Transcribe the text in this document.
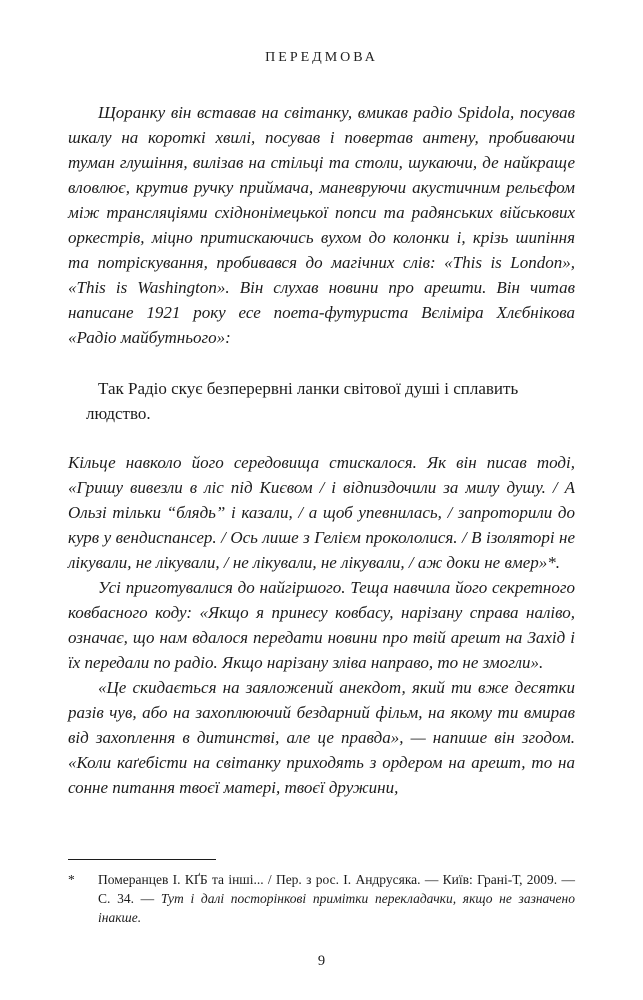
ПЕРЕДМОВА

Щоранку він вставав на світанку, вмикав радіо Spidola, посував шкалу на короткі хвилі, посував і повертав антену, пробиваючи туман глушіння, вилізав на стільці та столи, шукаючи, де найкраще вловлює, крутив ручку приймача, маневруючи акустичним рельєфом між трансляціями східнонімецької попси та радянських військових оркестрів, міцно притискаючись вухом до колонки і, крізь шипіння та потріскування, пробивався до магічних слів: «This is London», «This is Washington». Він слухав новини про арешти. Він читав написане 1921 року есе поета-футуриста Вєліміра Хлєбнікова «Радіо майбутнього»:

Так Радіо скує безперервні ланки світової душі і сплавить людство.

Кільце навколо його середовища стискалося. Як він писав тоді, «Гришу вивезли в ліс під Києвом / і відпиздочили за милу душу. / А Ользі тільки “блядь” і казали, / а щоб упевнилась, / запроторили до курв у вендиспансер. / Ось лише з Гелієм прокололися. / В ізоляторі не лікували, не лікували, / не лікували, не лікували, / аж доки не вмер»*.

Усі приготувалися до найгіршого. Теща навчила його секретного ковбасного коду: «Якщо я принесу ковбасу, нарізану справа наліво, означає, що нам вдалося передати новини про твій арешт на Захід і їх передали по радіо. Якщо нарізану зліва направо, то не змогли».

«Це скидається на заяложений анекдот, який ти вже десятки разів чув, або на захоплюючий бездарний фільм, на якому ти вмирав від захоплення в дитинстві, але це правда», — напише він згодом. «Коли каґебісти на світанку приходять з ордером на арешт, то на сонне питання твоєї матері, твоєї дружини,

*	Померанцев І. КҐБ та інші... / Пер. з рос. І. Андрусяка. — Київ: Грані-Т, 2009. — С. 34. — Тут і далі посторінкові примітки перекладачки, якщо не зазначено інакше.
9
